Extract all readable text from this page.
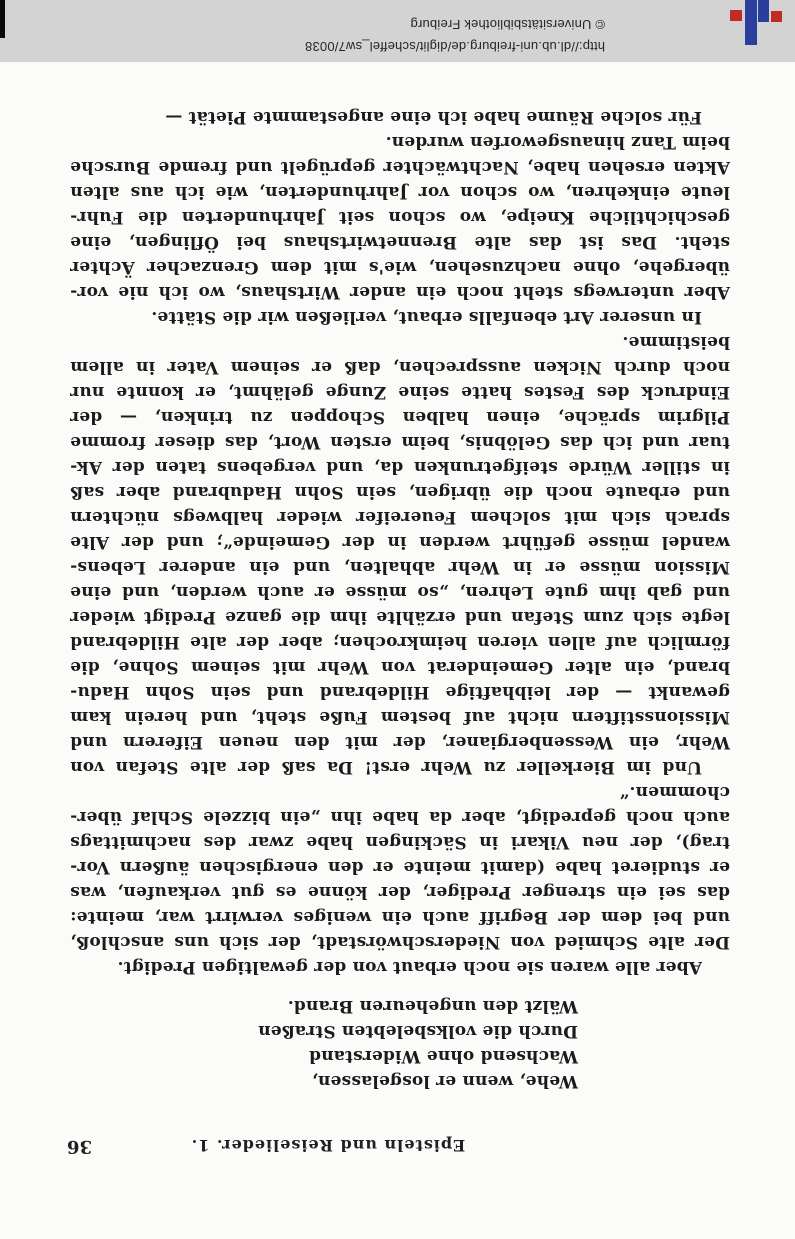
Episteln und Reiselieder. 1.
36
Wehe, wenn er losgelassen,
Wachsend ohne Widerstand
Durch die volksbelebten Straßen
Wälzt den ungeheuren Brand.
Aber alle waren sie noch erbaut von der gewaltigen Predigt.
Der alte Schmied von Niederschwörstadt, der sich uns anschloß,
und bei dem der Begriff auch ein weniges verwirrt war, meinte:
das sei ein strenger Prediger, der könne es gut verkaufen, was
er studieret habe (damit meinte er den energischen äußern Vor-
trag), der neu Vikari in Säckingen habe zwar des nachmittags
auch noch gepredigt, aber da habe ihn „ein bizzele Schlaf über-
chommen.“
Und im Bierkeller zu Wehr erst! Da saß der alte Stefan von
Wehr, ein Wessenbergianer, der mit den neuen Eiferern und
Missionsstiftern nicht auf bestem Fuße steht, und herein kam
gewankt — der leibhaftige Hildebrand und sein Sohn Hadu-
brand, ein alter Gemeinderat von Wehr mit seinem Sohne, die
förmlich auf allen vieren heimkrochen; aber der alte Hildebrand
legte sich zum Stefan und erzählte ihm die ganze Predigt wieder
und gab ihm gute Lehren, „so müsse er auch werden, und eine
Mission müsse er in Wehr abhalten, und ein anderer Lebens-
wandel müsse geführt werden in der Gemeinde“; und der Alte
sprach sich mit solchem Feuereifer wieder halbwegs nüchtern
und erbaute noch die übrigen, sein Sohn Hadubrand aber saß
in stiller Würde steifgetrunken da, und vergebens taten der Ak-
tuar und ich das Gelöbnis, beim ersten Wort, das dieser fromme
Pilgrim spräche, einen halben Schoppen zu trinken, — der
Eindruck des Festes hatte seine Zunge gelähmt, er konnte nur
noch durch Nicken aussprechen, daß er seinem Vater in allem
beistimme.
In unserer Art ebenfalls erbaut, verließen wir die Stätte.
Aber unterwegs steht noch ein ander Wirtshaus, wo ich nie vor-
übergehe, ohne nachzusehen, wie's mit dem Grenzacher Ächter
steht. Das ist das alte Brennetwirtshaus bei Öflingen, eine
geschichtliche Kneipe, wo schon seit Jahrhunderten die Fuhr-
leute einkehren, wo schon vor Jahrhunderten, wie ich aus alten
Akten ersehen habe, Nachtwächter geprügelt und fremde Bursche
beim Tanz hinausgeworfen wurden.
Für solche Räume habe ich eine angestammte Pietät —
http://dl.ub.uni-freiburg.de/diglit/scheffel_sw7/0038
© Universitätsbibliothek Freiburg
